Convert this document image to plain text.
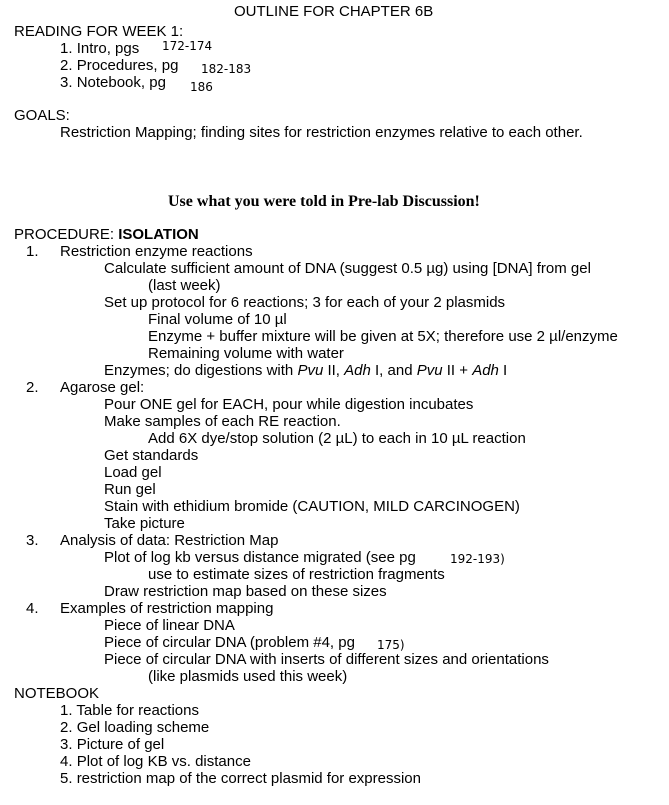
OUTLINE FOR CHAPTER 6B
READING FOR WEEK 1:
1. Intro, pgs 172-174
2. Procedures, pg 182-183
3. Notebook, pg 186
GOALS:
Restriction Mapping; finding sites for restriction enzymes relative to each other.
Use what you were told in Pre-lab Discussion!
PROCEDURE: ISOLATION
1. Restriction enzyme reactions
Calculate sufficient amount of DNA (suggest 0.5 µg) using [DNA] from gel
(last week)
Set up protocol for 6 reactions; 3 for each of your 2 plasmids
Final volume of 10 µl
Enzyme + buffer mixture will be given at 5X; therefore use 2 µl/enzyme
Remaining volume with water
Enzymes; do digestions with Pvu II, Adh I, and Pvu II + Adh I
2. Agarose gel:
Pour ONE gel for EACH, pour while digestion incubates
Make samples of each RE reaction.
Add 6X dye/stop solution (2 µL) to each in 10 µL reaction
Get standards
Load gel
Run gel
Stain with ethidium bromide (CAUTION, MILD CARCINOGEN)
Take picture
3. Analysis of data: Restriction Map
Plot of log kb versus distance migrated (see pg	192-193)
use to estimate sizes of restriction fragments
Draw restriction map based on these sizes
4. Examples of restriction mapping
Piece of linear DNA
Piece of circular DNA (problem #4, pg 175)
Piece of circular DNA with inserts of different sizes and orientations
(like plasmids used this week)
NOTEBOOK
1. Table for reactions
2. Gel loading scheme
3. Picture of gel
4. Plot of log KB vs. distance
5. restriction map of the correct plasmid for expression
